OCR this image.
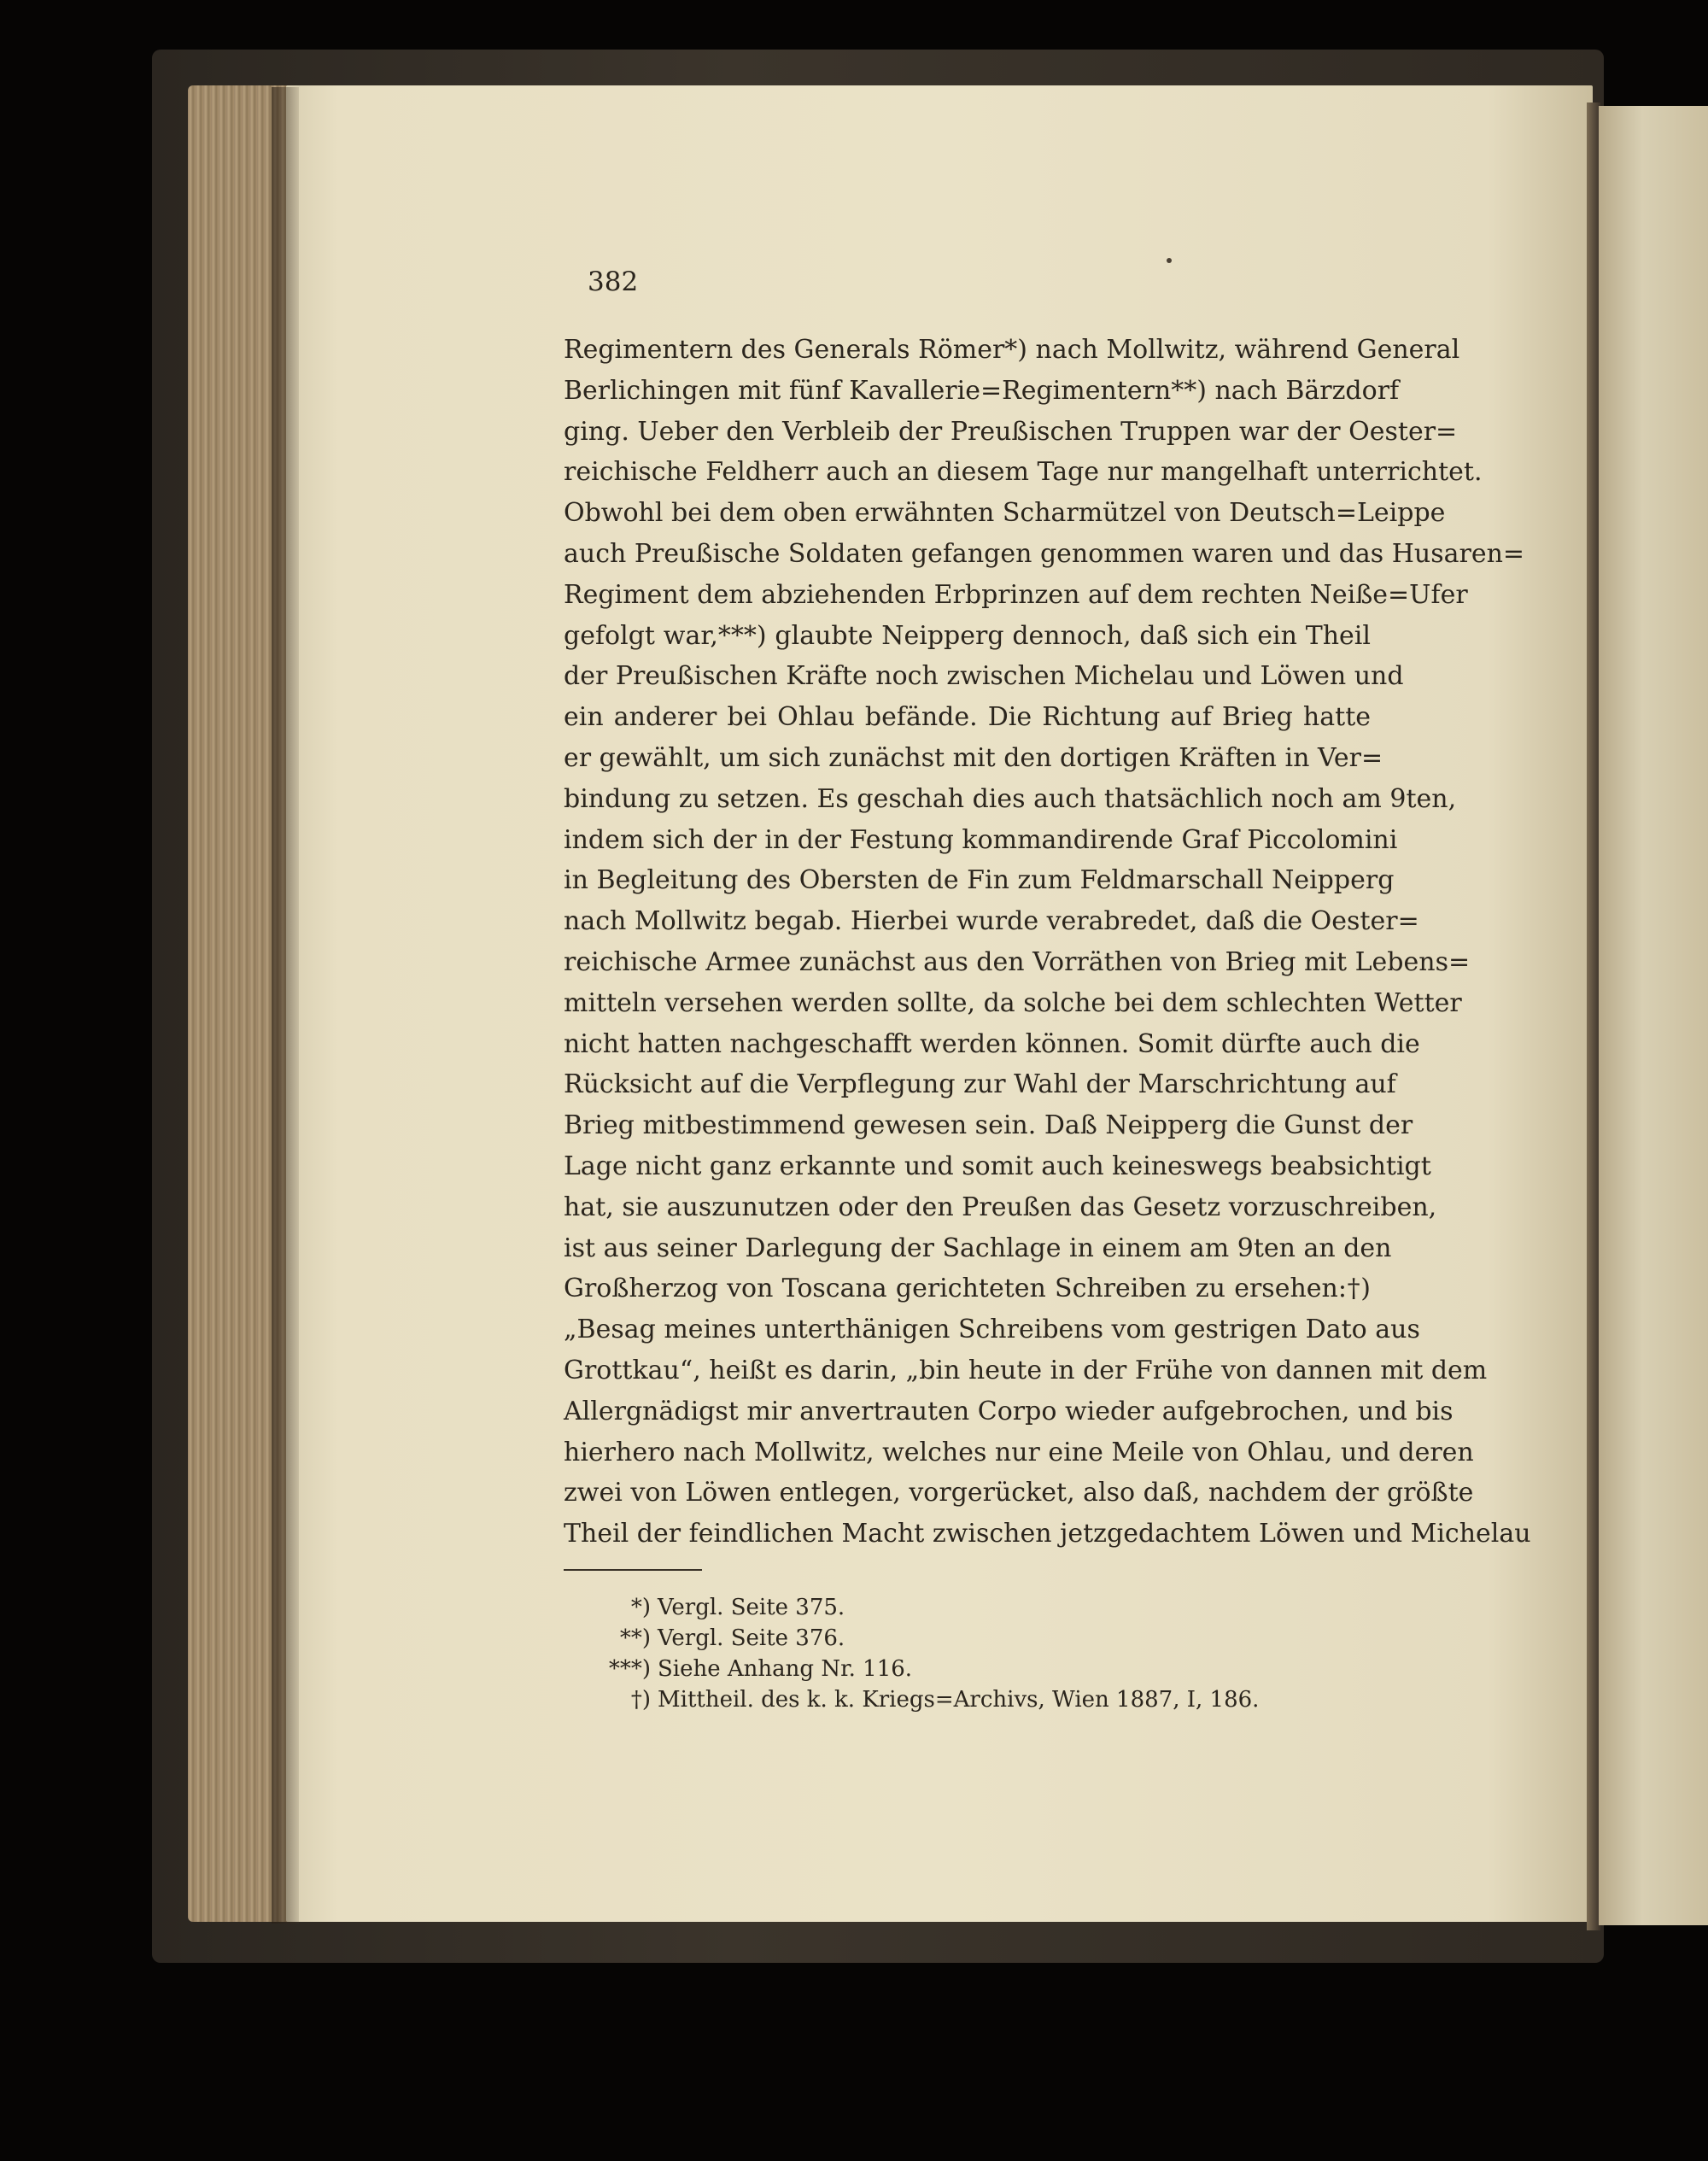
382
Regimentern des Generals Römer*) nach Mollwitz, während General
Berlichingen mit fünf Kavallerie=Regimentern**) nach Bärzdorf
ging. Ueber den Verbleib der Preußischen Truppen war der Oester=
reichische Feldherr auch an diesem Tage nur mangelhaft unterrichtet.
Obwohl bei dem oben erwähnten Scharmützel von Deutsch=Leippe
auch Preußische Soldaten gefangen genommen waren und das Husaren=
Regiment dem abziehenden Erbprinzen auf dem rechten Neiße=Ufer
gefolgt war,***) glaubte Neipperg dennoch, daß sich ein Theil
der Preußischen Kräfte noch zwischen Michelau und Löwen und
ein anderer bei Ohlau befände. Die Richtung auf Brieg hatte
er gewählt, um sich zunächst mit den dortigen Kräften in Ver=
bindung zu setzen. Es geschah dies auch thatsächlich noch am 9ten,
indem sich der in der Festung kommandirende Graf Piccolomini
in Begleitung des Obersten de Fin zum Feldmarschall Neipperg
nach Mollwitz begab. Hierbei wurde verabredet, daß die Oester=
reichische Armee zunächst aus den Vorräthen von Brieg mit Lebens=
mitteln versehen werden sollte, da solche bei dem schlechten Wetter
nicht hatten nachgeschafft werden können. Somit dürfte auch die
Rücksicht auf die Verpflegung zur Wahl der Marschrichtung auf
Brieg mitbestimmend gewesen sein. Daß Neipperg die Gunst der
Lage nicht ganz erkannte und somit auch keineswegs beabsichtigt
hat, sie auszunutzen oder den Preußen das Gesetz vorzuschreiben,
ist aus seiner Darlegung der Sachlage in einem am 9ten an den
Großherzog von Toscana gerichteten Schreiben zu ersehen:†)
„Besag meines unterthänigen Schreibens vom gestrigen Dato aus
Grottkau“, heißt es darin, „bin heute in der Frühe von dannen mit dem
Allergnädigst mir anvertrauten Corpo wieder aufgebrochen, und bis
hierhero nach Mollwitz, welches nur eine Meile von Ohlau, und deren
zwei von Löwen entlegen, vorgerücket, also daß, nachdem der größte
Theil der feindlichen Macht zwischen jetzgedachtem Löwen und Michelau
*) Vergl. Seite 375.
**) Vergl. Seite 376.
***) Siehe Anhang Nr. 116.
†) Mittheil. des k. k. Kriegs=Archivs, Wien 1887, I, 186.
